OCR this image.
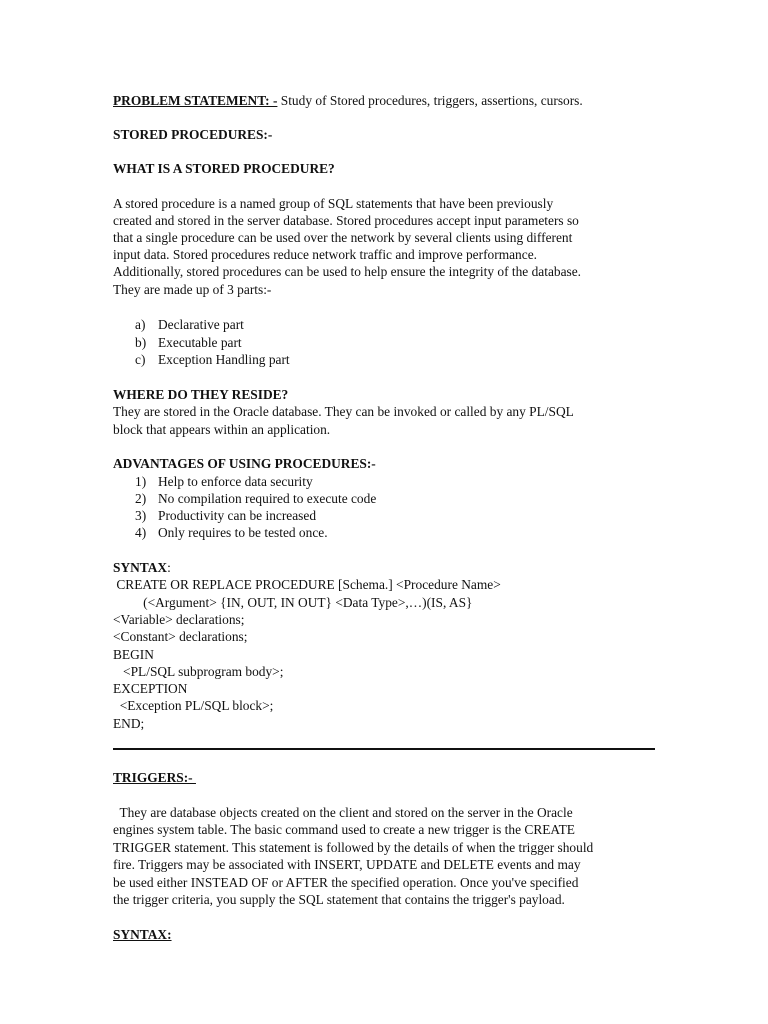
PROBLEM STATEMENT: - Study of Stored procedures, triggers, assertions, cursors.
STORED PROCEDURES:-
WHAT IS A STORED PROCEDURE?
A stored procedure is a named group of SQL statements that have been previously
created and stored in the server database. Stored procedures accept input parameters so
that a single procedure can be used over the network by several clients using different
input data. Stored procedures reduce network traffic and improve performance.
Additionally, stored procedures can be used to help ensure the integrity of the database.
They are made up of 3 parts:-
a) Declarative part
b) Executable part
c) Exception Handling part
WHERE DO THEY RESIDE?
They are stored in the Oracle database. They can be invoked or called by any PL/SQL
block that appears within an application.
ADVANTAGES OF USING PROCEDURES:-
1) Help to enforce data security
2) No compilation required to execute code
3) Productivity can be increased
4) Only requires to be tested once.
SYNTAX:
CREATE OR REPLACE PROCEDURE [Schema.] <Procedure Name>
(<Argument> {IN, OUT, IN OUT} <Data Type>,…)(IS, AS}
<Variable> declarations;
<Constant> declarations;
BEGIN
<PL/SQL subprogram body>;
EXCEPTION
<Exception PL/SQL block>;
END;
TRIGGERS:-
They are database objects created on the client and stored on the server in the Oracle
engines system table. The basic command used to create a new trigger is the CREATE
TRIGGER statement. This statement is followed by the details of when the trigger should
fire. Triggers may be associated with INSERT, UPDATE and DELETE events and may
be used either INSTEAD OF or AFTER the specified operation. Once you've specified
the trigger criteria, you supply the SQL statement that contains the trigger's payload.
SYNTAX:
